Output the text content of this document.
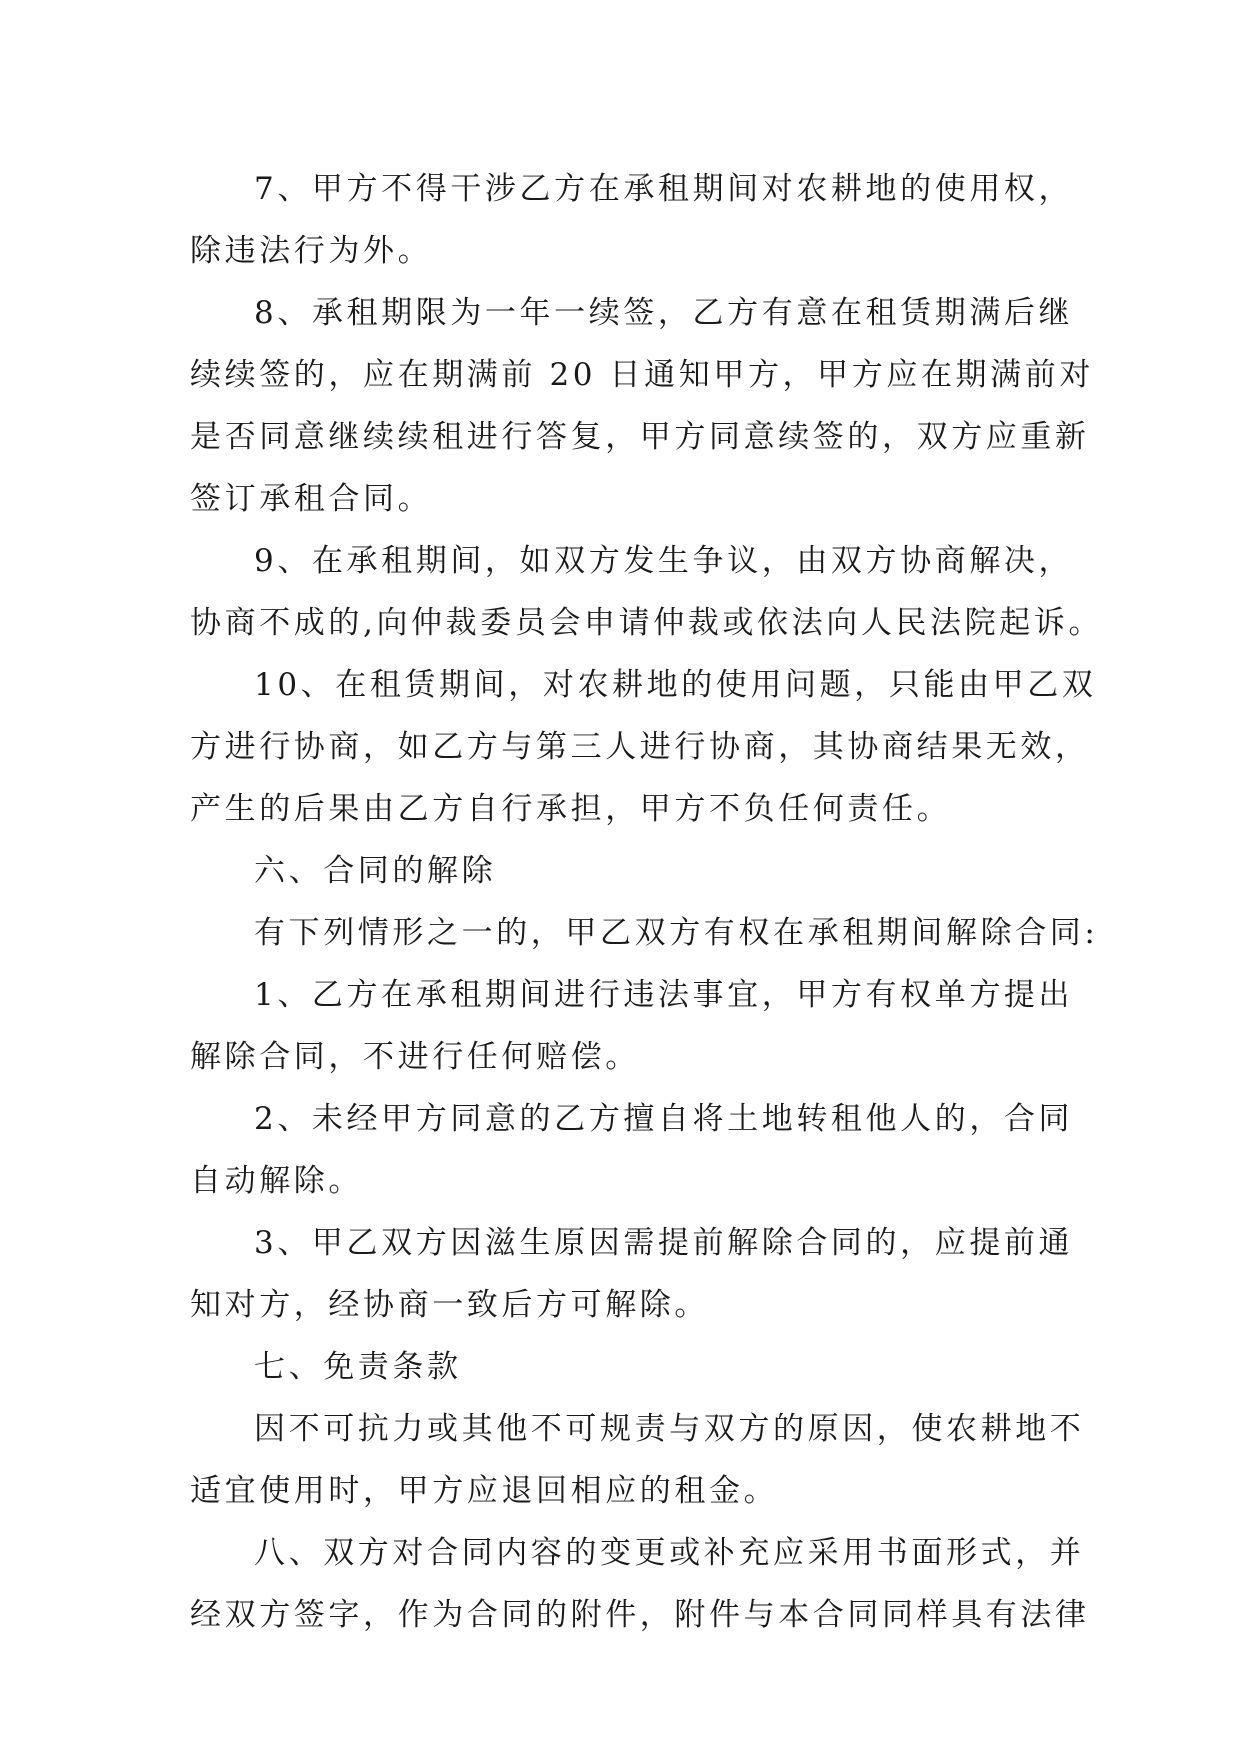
7、甲方不得干涉乙方在承租期间对农耕地的使用权，
除违法行为外。
8、承租期限为一年一续签，乙方有意在租赁期满后继
续续签的，应在期满前 20 日通知甲方，甲方应在期满前对
是否同意继续续租进行答复，甲方同意续签的，双方应重新
签订承租合同。
9、在承租期间，如双方发生争议，由双方协商解决，
协商不成的,向仲裁委员会申请仲裁或依法向人民法院起诉。
10、在租赁期间，对农耕地的使用问题，只能由甲乙双
方进行协商，如乙方与第三人进行协商，其协商结果无效，
产生的后果由乙方自行承担，甲方不负任何责任。
六、合同的解除
有下列情形之一的，甲乙双方有权在承租期间解除合同:
1、乙方在承租期间进行违法事宜，甲方有权单方提出
解除合同，不进行任何赔偿。
2、未经甲方同意的乙方擅自将土地转租他人的，合同
自动解除。
3、甲乙双方因滋生原因需提前解除合同的，应提前通
知对方，经协商一致后方可解除。
七、免责条款
因不可抗力或其他不可规责与双方的原因，使农耕地不
适宜使用时，甲方应退回相应的租金。
八、双方对合同内容的变更或补充应采用书面形式，并
经双方签字，作为合同的附件，附件与本合同同样具有法律
